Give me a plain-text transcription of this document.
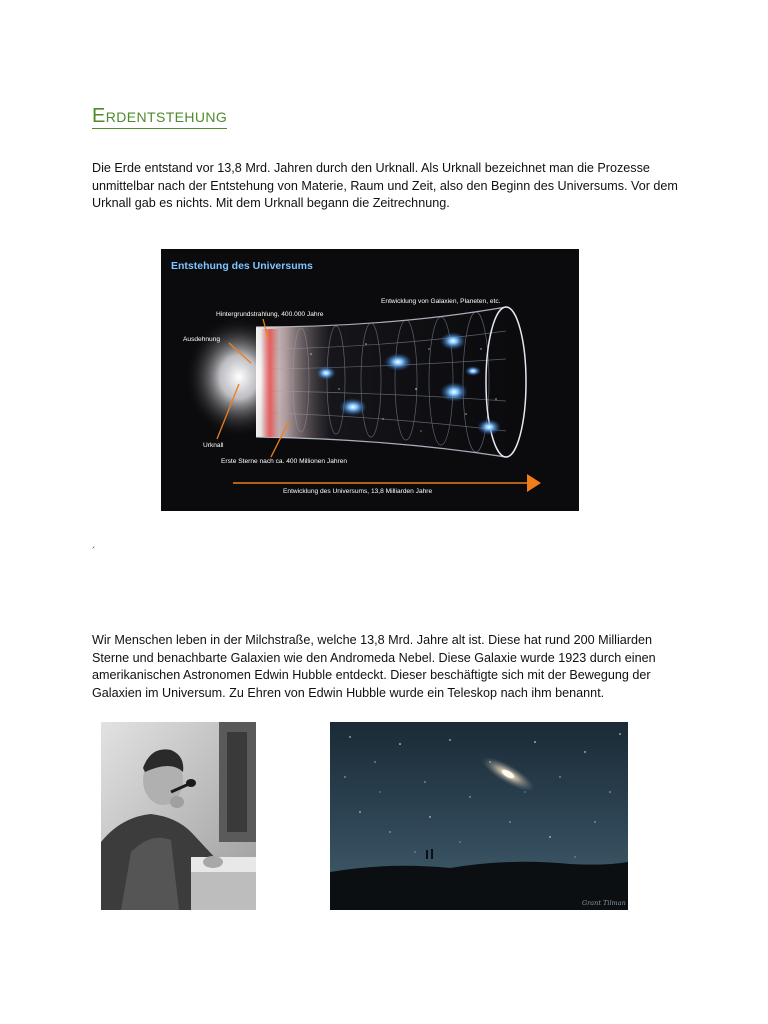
Erdentstehung
Die Erde entstand vor 13,8 Mrd. Jahren durch den Urknall. Als Urknall bezeichnet man die Prozesse unmittelbar nach der Entstehung von Materie, Raum und Zeit, also den Beginn des Universums. Vor dem Urknall gab es nichts. Mit dem Urknall begann die Zeitrechnung.
Entstehung des Universums
Entwicklung von Galaxien, Planeten, etc.
Hintergrundstrahlung, 400.000 Jahre
Ausdehnung
Urknall
Erste Sterne nach ca. 400 Millionen Jahren
Entwicklung des Universums, 13,8 Milliarden Jahre
´
Wir Menschen leben in der Milchstraße, welche 13,8 Mrd. Jahre alt ist. Diese hat rund 200 Milliarden Sterne und benachbarte Galaxien wie den Andromeda Nebel. Diese Galaxie wurde 1923 durch einen amerikanischen Astronomen Edwin Hubble entdeckt. Dieser beschäftigte sich mit der Bewegung der Galaxien im Universum. Zu Ehren von Edwin Hubble wurde ein Teleskop nach ihm benannt.
Grant Tilman
